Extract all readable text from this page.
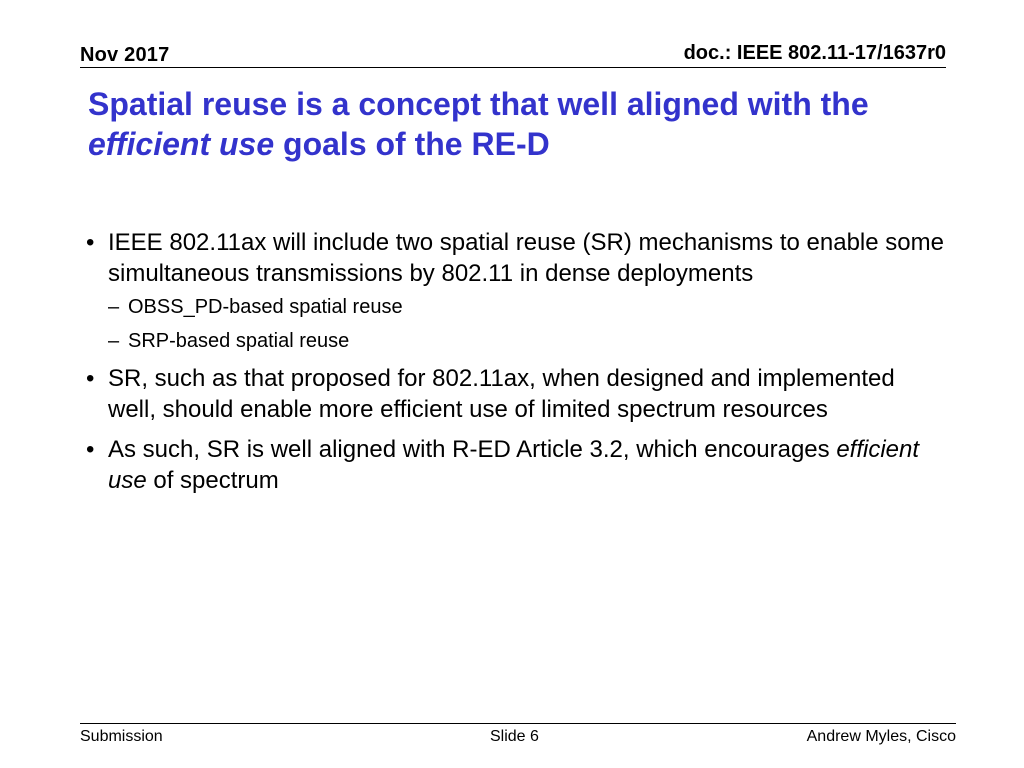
Nov 2017	doc.: IEEE 802.11-17/1637r0
Spatial reuse is a concept that well aligned with the
efficient use goals of the RE-D
• IEEE 802.11ax will include two spatial reuse (SR) mechanisms to enable some simultaneous transmissions by 802.11 in dense deployments
– OBSS_PD-based spatial reuse
– SRP-based spatial reuse
• SR, such as that proposed for 802.11ax, when designed and implemented well, should enable more efficient use of limited spectrum resources
• As such, SR is well aligned with R-ED Article 3.2, which encourages efficient use of spectrum
Submission	Slide 6	Andrew Myles, Cisco
